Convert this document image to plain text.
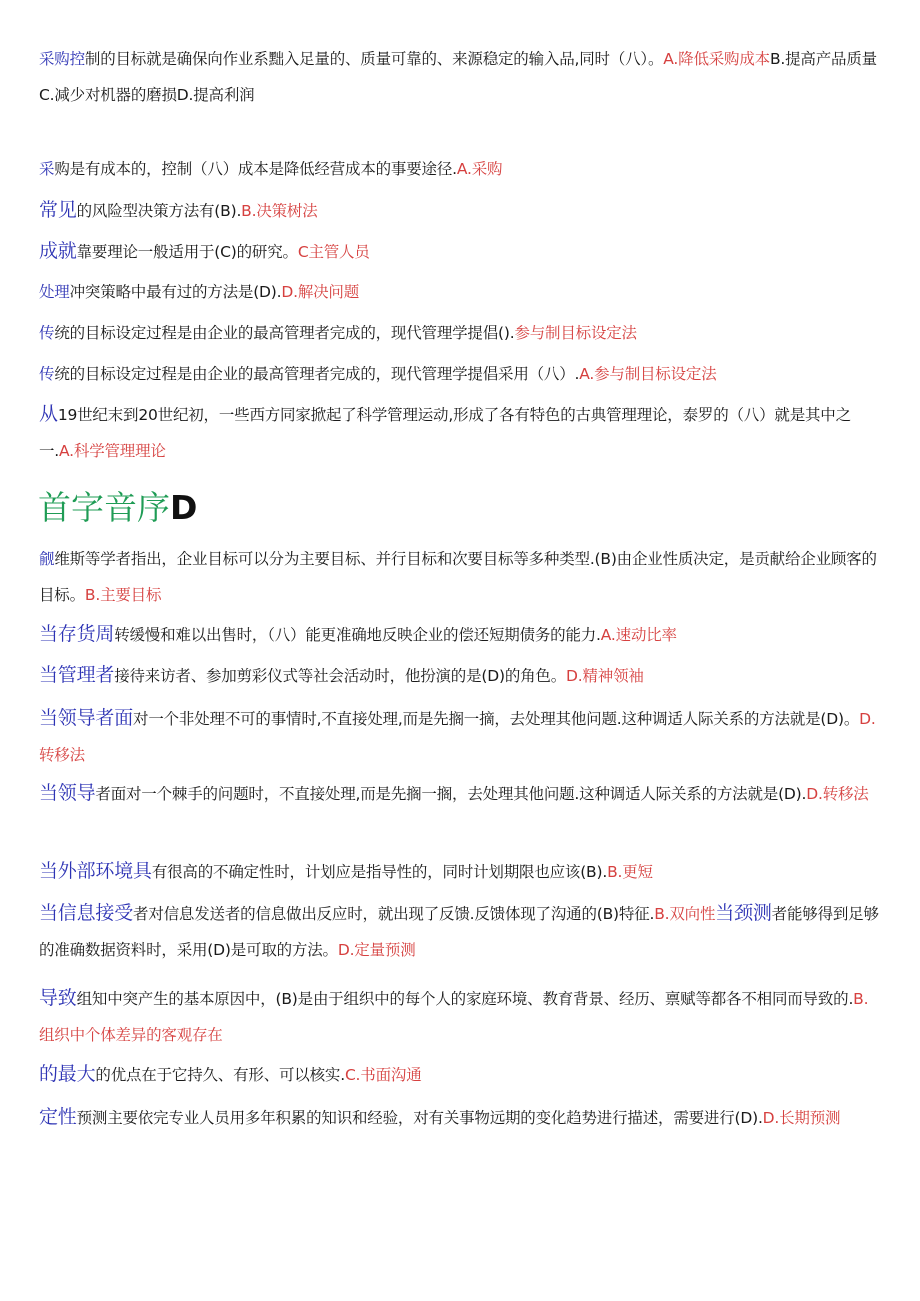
采购控制的目标就是确保向作业系黜入足量的、质量可靠的、来源稳定的输入品,同时（八）。A.降低采购成本B.提高产品质量C.减少对机器的磨损D.提高利润
采购是有成本的，控制（八）成本是降低经营成本的事要途径.A.采购
常见的风险型决策方法有(B).B.决策树法
成就靠要理论一般适用于(C)的研究。C主管人员
处理冲突策略中最有过的方法是(D).D.解决问题
传统的目标设定过程是由企业的最高管理者完成的，现代管理学提倡().参与制目标设定法
传统的目标设定过程是由企业的最高管理者完成的，现代管理学提倡采用（八）.A.参与制目标设定法
从19世纪末到20世纪初，一些西方同家掀起了科学管理运动,形成了各有特色的古典管理理论，泰罗的（八）就是其中之一.A.科学管理理论
首字音序D
觎维斯等学者指出，企业目标可以分为主要目标、并行目标和次要目标等多种类型.(B)由企业性质决定，是贡献给企业顾客的目标。B.主要目标
当存货周转缓慢和难以出售时，（八）能更准确地反映企业的偿还短期债务的能力.A.速动比率
当管理者接待来访者、参加剪彩仪式等社会活动时，他扮演的是(D)的角色。D.精神领袖
当领导者面对一个非处理不可的事情时,不直接处理,而是先搁一摘，去处理其他问题.这种调适人际关系的方法就是(D)。D.转移法
当领导者面对一个棘手的问题时，不直接处理,而是先搁一搁，去处理其他问题.这种调适人际关系的方法就是(D).D.转移法
当外部环境具有很高的不确定性时，计划应是指导性的，同时计划期限也应该(B).B.更短
当信息接受者对信息发送者的信息做出反应时，就出现了反馈.反馈体现了沟通的(B)特征.B.双向性当颈测者能够得到足够的准确数据资料时，采用(D)是可取的方法。D.定量预测
导致组知中突产生的基本原因中，(B)是由于组织中的每个人的家庭环境、教育背景、经历、禀赋等都各不相同而导致的.B.组织中个体差异的客观存在
的最大的优点在于它持久、有形、可以核实.C.书面沟通
定性预测主要依完专业人员用多年积累的知识和经验，对有关事物远期的变化趋势进行描述，需要进行(D).D.长期预测
